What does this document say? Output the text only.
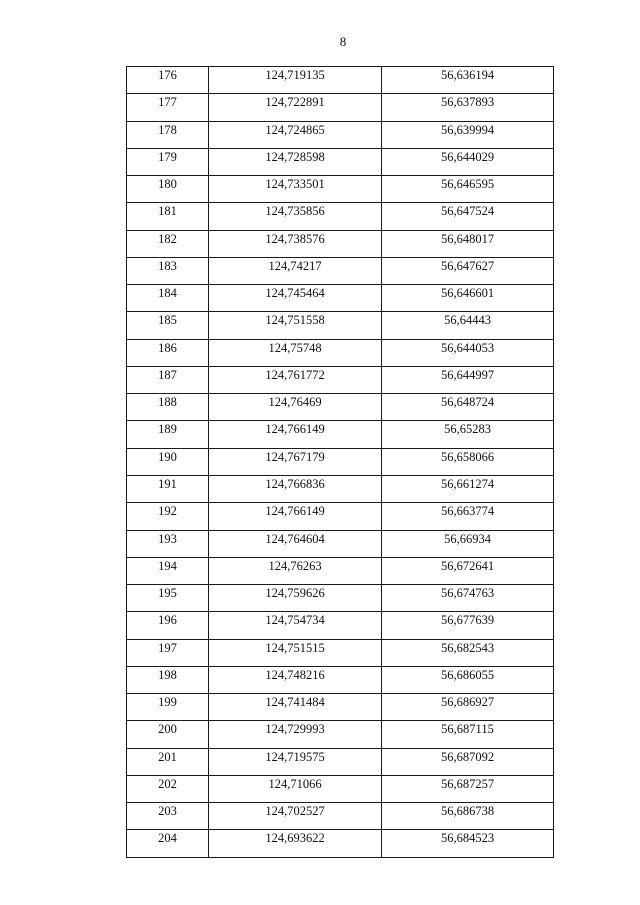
8
176	124,719135	56,636194
177	124,722891	56,637893
178	124,724865	56,639994
179	124,728598	56,644029
180	124,733501	56,646595
181	124,735856	56,647524
182	124,738576	56,648017
183	124,74217	56,647627
184	124,745464	56,646601
185	124,751558	56,64443
186	124,75748	56,644053
187	124,761772	56,644997
188	124,76469	56,648724
189	124,766149	56,65283
190	124,767179	56,658066
191	124,766836	56,661274
192	124,766149	56,663774
193	124,764604	56,66934
194	124,76263	56,672641
195	124,759626	56,674763
196	124,754734	56,677639
197	124,751515	56,682543
198	124,748216	56,686055
199	124,741484	56,686927
200	124,729993	56,687115
201	124,719575	56,687092
202	124,71066	56,687257
203	124,702527	56,686738
204	124,693622	56,684523
